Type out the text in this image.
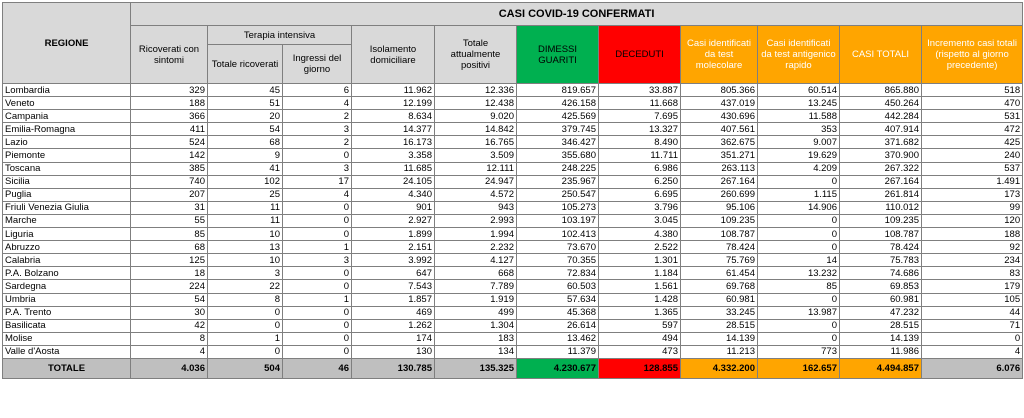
REGIONE	CASI COVID-19 CONFERMATI										
	Ricoverati con sintomi	Terapia intensiva		Isolamento domiciliare	Totale attualmente positivi	DIMESSI GUARITI	DECEDUTI	Casi identificati da test molecolare	Casi identificati da test antigenico rapido	CASI TOTALI	Incremento casi totali (rispetto al giorno precedente)
		Totale ricoverati	Ingressi del giorno								
Lombardia	329	45	6	11.962	12.336	819.657	33.887	805.366	60.514	865.880	518
Veneto	188	51	4	12.199	12.438	426.158	11.668	437.019	13.245	450.264	470
Campania	366	20	2	8.634	9.020	425.569	7.695	430.696	11.588	442.284	531
Emilia-Romagna	411	54	3	14.377	14.842	379.745	13.327	407.561	353	407.914	472
Lazio	524	68	2	16.173	16.765	346.427	8.490	362.675	9.007	371.682	425
Piemonte	142	9	0	3.358	3.509	355.680	11.711	351.271	19.629	370.900	240
Toscana	385	41	3	11.685	12.111	248.225	6.986	263.113	4.209	267.322	537
Sicilia	740	102	17	24.105	24.947	235.967	6.250	267.164	0	267.164	1.491
Puglia	207	25	4	4.340	4.572	250.547	6.695	260.699	1.115	261.814	173
Friuli Venezia Giulia	31	11	0	901	943	105.273	3.796	95.106	14.906	110.012	99
Marche	55	11	0	2.927	2.993	103.197	3.045	109.235	0	109.235	120
Liguria	85	10	0	1.899	1.994	102.413	4.380	108.787	0	108.787	188
Abruzzo	68	13	1	2.151	2.232	73.670	2.522	78.424	0	78.424	92
Calabria	125	10	3	3.992	4.127	70.355	1.301	75.769	14	75.783	234
P.A. Bolzano	18	3	0	647	668	72.834	1.184	61.454	13.232	74.686	83
Sardegna	224	22	0	7.543	7.789	60.503	1.561	69.768	85	69.853	179
Umbria	54	8	1	1.857	1.919	57.634	1.428	60.981	0	60.981	105
P.A. Trento	30	0	0	469	499	45.368	1.365	33.245	13.987	47.232	44
Basilicata	42	0	0	1.262	1.304	26.614	597	28.515	0	28.515	71
Molise	8	1	0	174	183	13.462	494	14.139	0	14.139	0
Valle d'Aosta	4	0	0	130	134	11.379	473	11.213	773	11.986	4
TOTALE	4.036	504	46	130.785	135.325	4.230.677	128.855	4.332.200	162.657	4.494.857	6.076
